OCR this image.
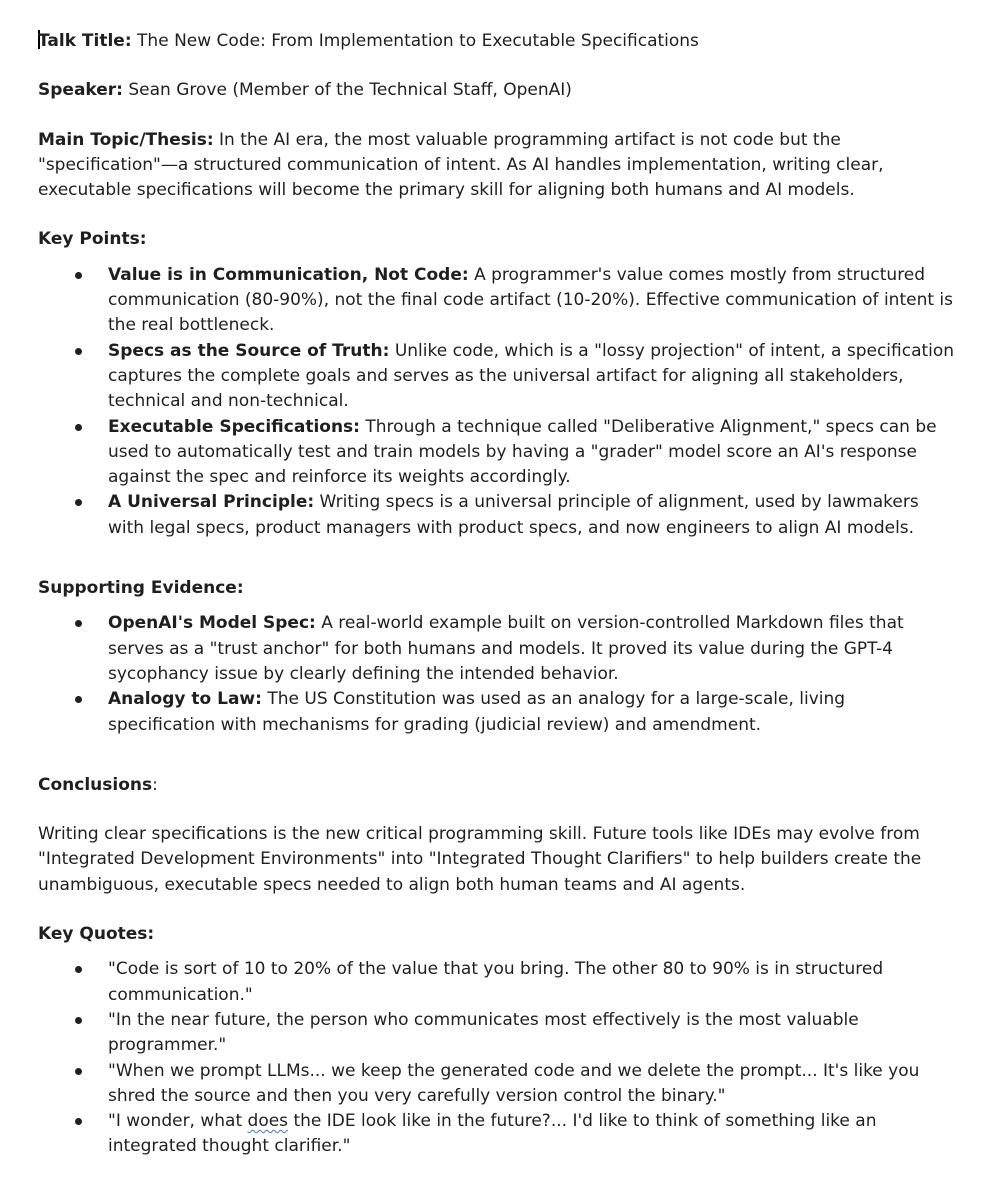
Talk Title: The New Code: From Implementation to Executable Specifications

Speaker: Sean Grove (Member of the Technical Staff, OpenAI)

Main Topic/Thesis: In the AI era, the most valuable programming artifact is not code but the "specification"—a structured communication of intent. As AI handles implementation, writing clear, executable specifications will become the primary skill for aligning both humans and AI models.

Key Points:

Value is in Communication, Not Code: A programmer's value comes mostly from structured communication (80-90%), not the final code artifact (10-20%). Effective communication of intent is the real bottleneck.
Specs as the Source of Truth: Unlike code, which is a "lossy projection" of intent, a specification captures the complete goals and serves as the universal artifact for aligning all stakeholders, technical and non-technical.
Executable Specifications: Through a technique called "Deliberative Alignment," specs can be used to automatically test and train models by having a "grader" model score an AI's response against the spec and reinforce its weights accordingly.
A Universal Principle: Writing specs is a universal principle of alignment, used by lawmakers with legal specs, product managers with product specs, and now engineers to align AI models.

Supporting Evidence:

OpenAI's Model Spec: A real-world example built on version-controlled Markdown files that serves as a "trust anchor" for both humans and models. It proved its value during the GPT-4 sycophancy issue by clearly defining the intended behavior.
Analogy to Law: The US Constitution was used as an analogy for a large-scale, living specification with mechanisms for grading (judicial review) and amendment.

Conclusions:

Writing clear specifications is the new critical programming skill. Future tools like IDEs may evolve from "Integrated Development Environments" into "Integrated Thought Clarifiers" to help builders create the unambiguous, executable specs needed to align both human teams and AI agents.

Key Quotes:

"Code is sort of 10 to 20% of the value that you bring. The other 80 to 90% is in structured communication."
"In the near future, the person who communicates most effectively is the most valuable programmer."
"When we prompt LLMs... we keep the generated code and we delete the prompt... It's like you shred the source and then you very carefully version control the binary."
"I wonder, what does the IDE look like in the future?... I'd like to think of something like an integrated thought clarifier."
